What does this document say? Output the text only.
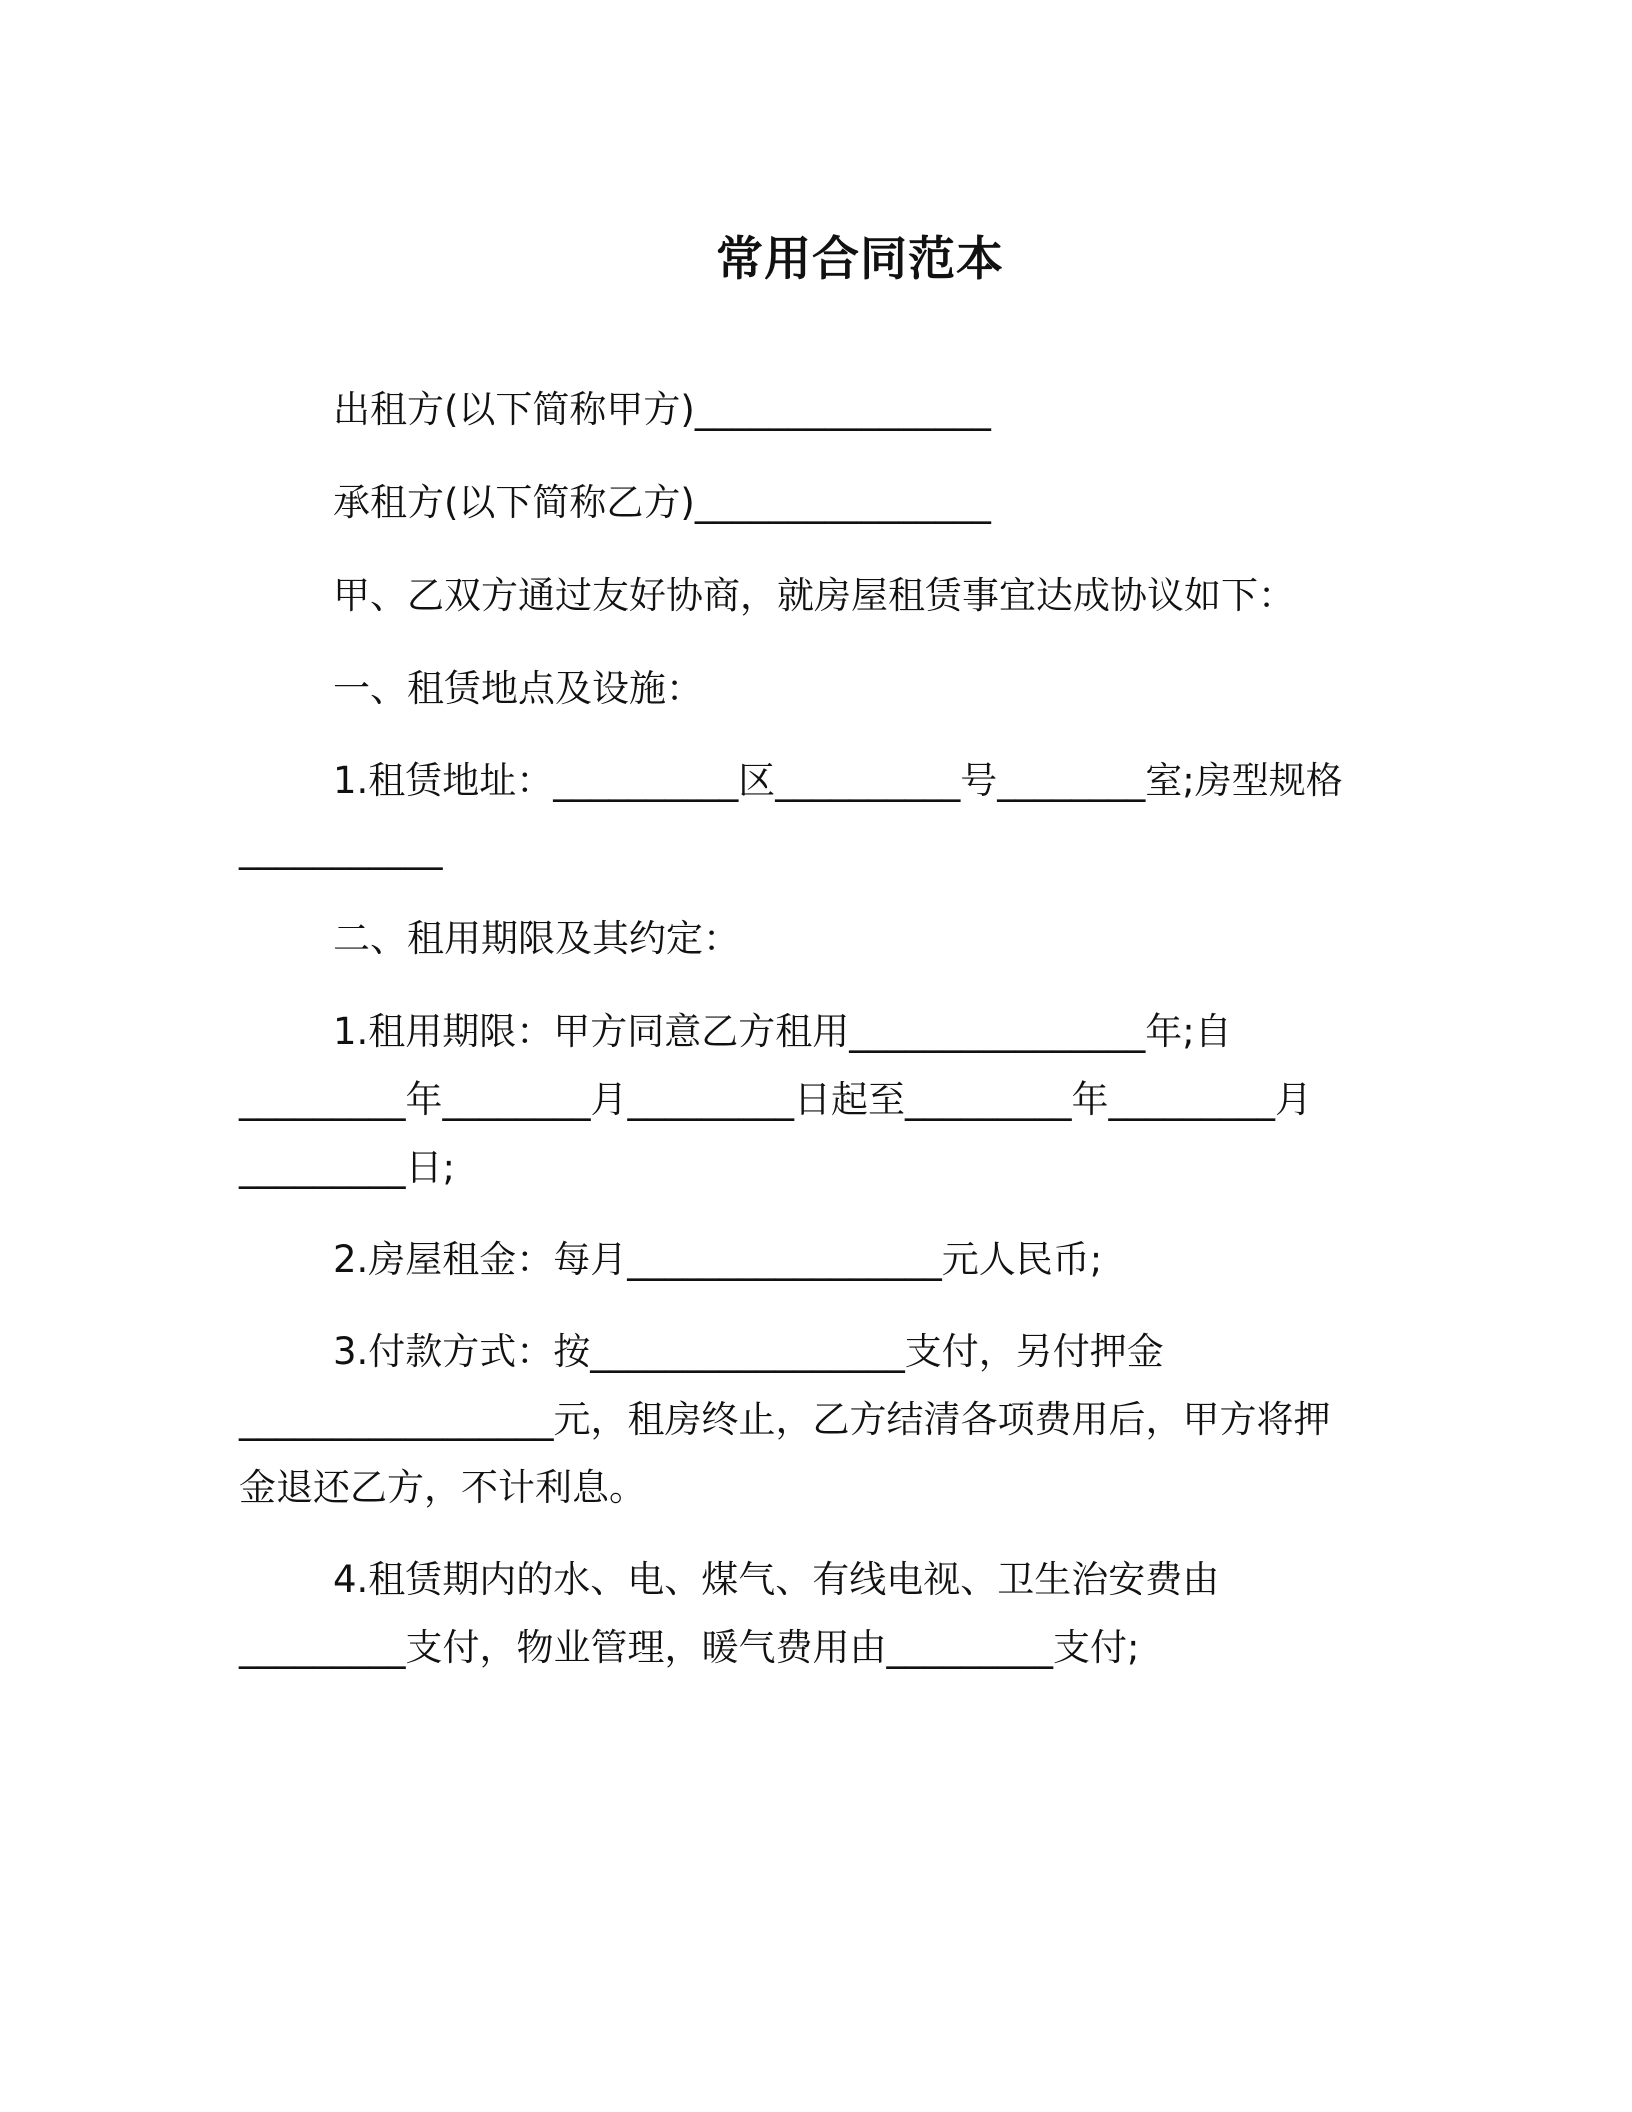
常用合同范本
出租方(以下简称甲方)________________
承租方(以下简称乙方)________________
甲、乙双方通过友好协商，就房屋租赁事宜达成协议如下：
一、租赁地点及设施：
1.租赁地址：__________区__________号________室;房型规格
___________
二、租用期限及其约定：
1.租用期限：甲方同意乙方租用________________年;自
_________年________月_________日起至_________年_________月
_________日;
2.房屋租金：每月_________________元人民币;
3.付款方式：按_________________支付，另付押金
_________________元，租房终止，乙方结清各项费用后，甲方将押
金退还乙方，不计利息。
4.租赁期内的水、电、煤气、有线电视、卫生治安费由
_________支付，物业管理，暖气费用由_________支付;
